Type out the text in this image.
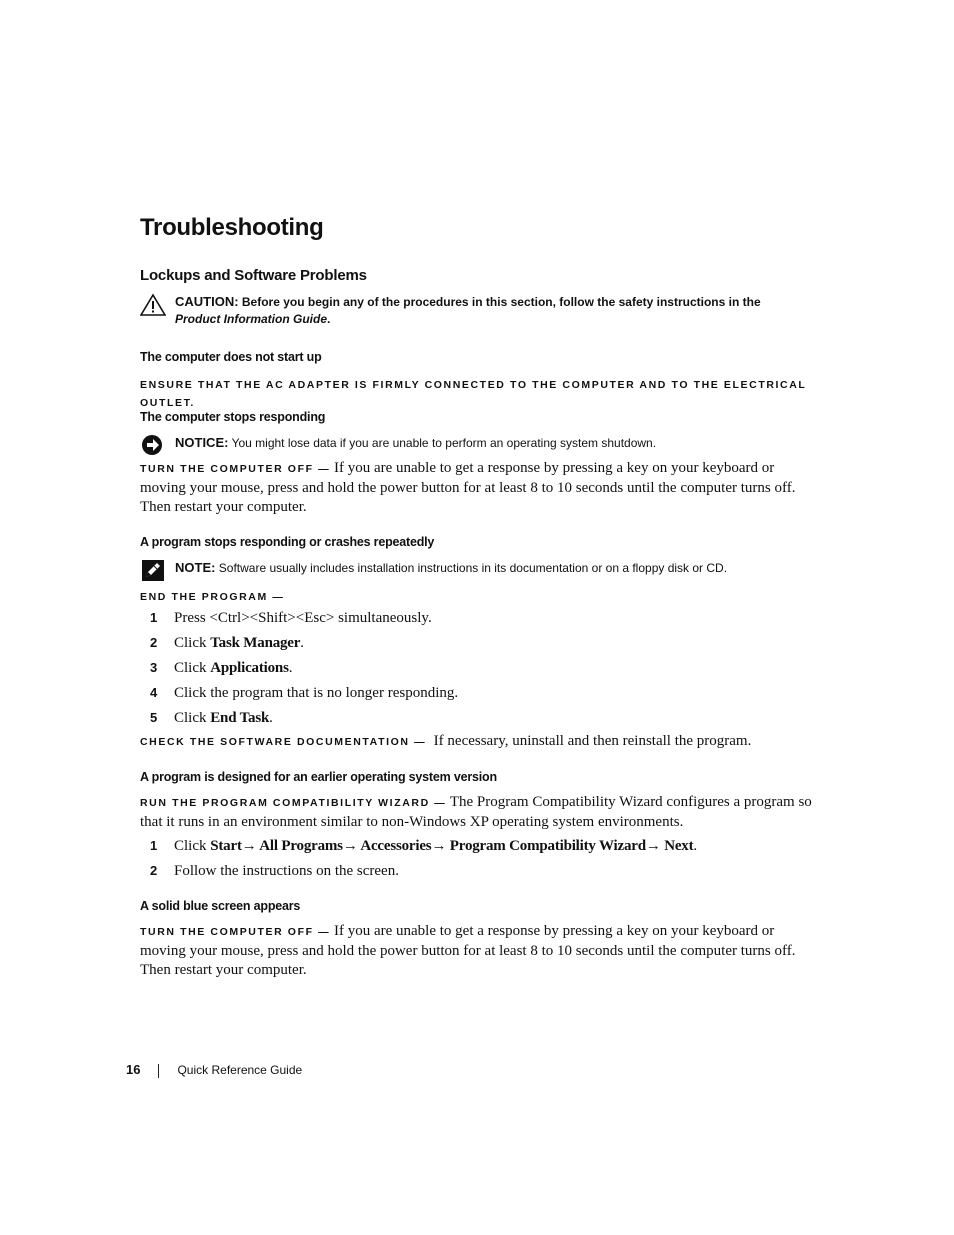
Troubleshooting
Lockups and Software Problems
CAUTION: Before you begin any of the procedures in this section, follow the safety instructions in the
Product Information Guide.
The computer does not start up
ENSURE THAT THE AC ADAPTER IS FIRMLY CONNECTED TO THE COMPUTER AND TO THE ELECTRICAL OUTLET.
The computer stops responding
NOTICE: You might lose data if you are unable to perform an operating system shutdown.
TURN THE COMPUTER OFF — If you are unable to get a response by pressing a key on your keyboard or moving your mouse, press and hold the power button for at least 8 to 10 seconds until the computer turns off. Then restart your computer.
A program stops responding or crashes repeatedly
NOTE: Software usually includes installation instructions in its documentation or on a floppy disk or CD.
END THE PROGRAM —
1 Press <Ctrl><Shift><Esc> simultaneously.
2 Click Task Manager.
3 Click Applications.
4 Click the program that is no longer responding.
5 Click End Task.
CHECK THE SOFTWARE DOCUMENTATION — If necessary, uninstall and then reinstall the program.
A program is designed for an earlier operating system version
RUN THE PROGRAM COMPATIBILITY WIZARD — The Program Compatibility Wizard configures a program so that it runs in an environment similar to non-Windows XP operating system environments.
1 Click Start→ All Programs→ Accessories→ Program Compatibility Wizard→ Next.
2 Follow the instructions on the screen.
A solid blue screen appears
TURN THE COMPUTER OFF — If you are unable to get a response by pressing a key on your keyboard or moving your mouse, press and hold the power button for at least 8 to 10 seconds until the computer turns off. Then restart your computer.
16	Quick Reference Guide
